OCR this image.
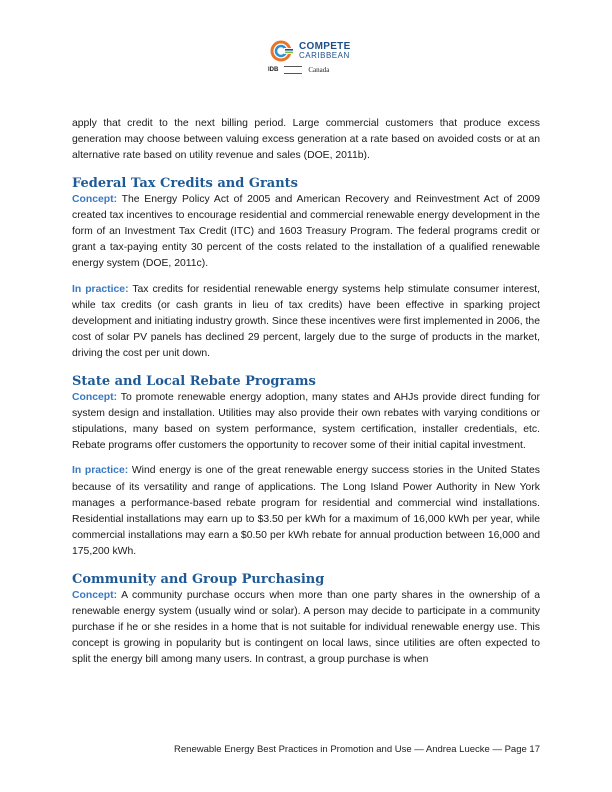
COMPETE
CARIBBEAN
IDB	Canada

apply that credit to the next billing period. Large commercial customers that produce excess generation may choose between valuing excess generation at a rate based on avoided costs or at an alternative rate based on utility revenue and sales (DOE, 2011b).

Federal Tax Credits and Grants

Concept: The Energy Policy Act of 2005 and American Recovery and Reinvestment Act of 2009 created tax incentives to encourage residential and commercial renewable energy development in the form of an Investment Tax Credit (ITC) and 1603 Treasury Program. The federal programs credit or grant a tax-paying entity 30 percent of the costs related to the installation of a qualified renewable energy system (DOE, 2011c).

In practice: Tax credits for residential renewable energy systems help stimulate consumer interest, while tax credits (or cash grants in lieu of tax credits) have been effective in sparking project development and initiating industry growth. Since these incentives were first implemented in 2006, the cost of solar PV panels has declined 29 percent, largely due to the surge of products in the market, driving the cost per unit down.

State and Local Rebate Programs

Concept: To promote renewable energy adoption, many states and AHJs provide direct funding for system design and installation. Utilities may also provide their own rebates with varying conditions or stipulations, many based on system performance, system certification, installer credentials, etc. Rebate programs offer customers the opportunity to recover some of their initial capital investment.

In practice: Wind energy is one of the great renewable energy success stories in the United States because of its versatility and range of applications. The Long Island Power Authority in New York manages a performance-based rebate program for residential and commercial wind installations. Residential installations may earn up to $3.50 per kWh for a maximum of 16,000 kWh per year, while commercial installations may earn a $0.50 per kWh rebate for annual production between 16,000 and 175,200 kWh.

Community and Group Purchasing

Concept: A community purchase occurs when more than one party shares in the ownership of a renewable energy system (usually wind or solar). A person may decide to participate in a community purchase if he or she resides in a home that is not suitable for individual renewable energy use. This concept is growing in popularity but is contingent on local laws, since utilities are often expected to split the energy bill among many users. In contrast, a group purchase is when

Renewable Energy Best Practices in Promotion and Use — Andrea Luecke — Page 17
